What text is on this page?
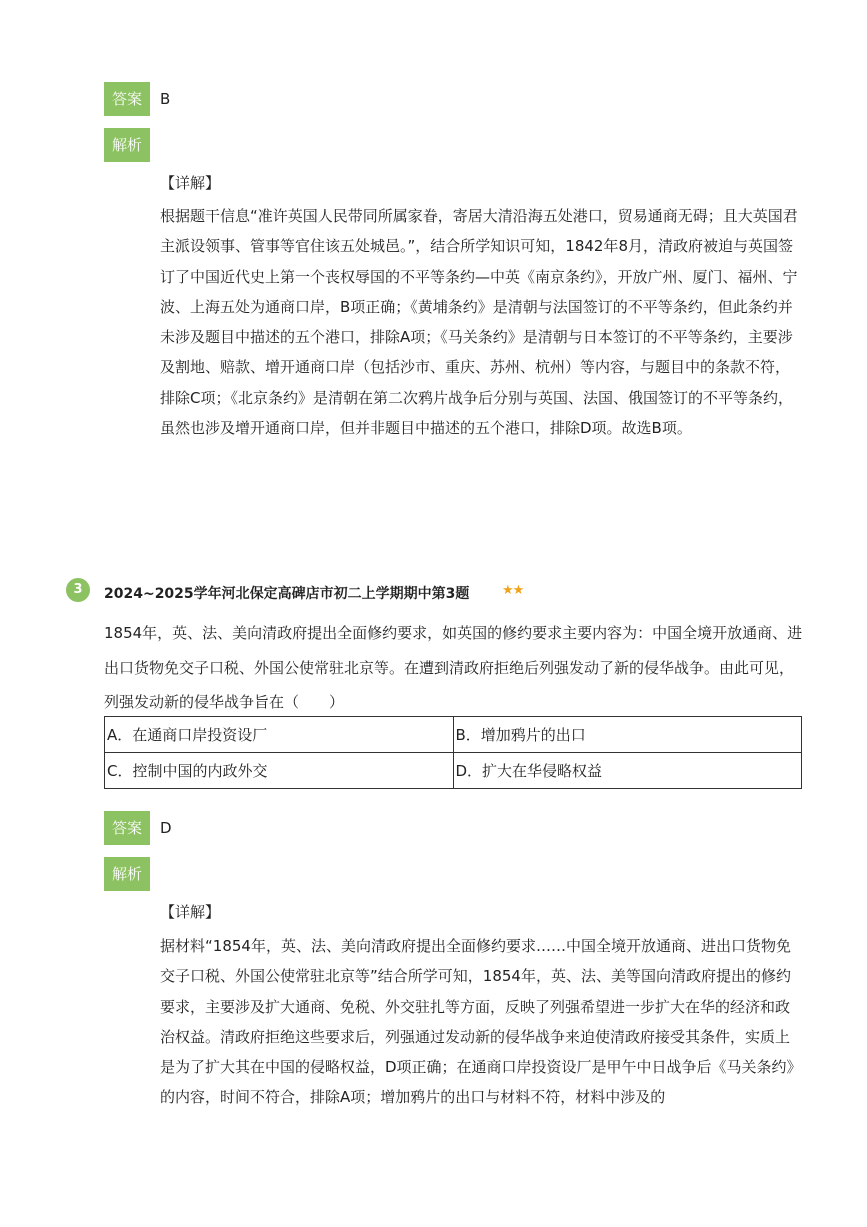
答案	B
解析
【详解】

根据题干信息“准许英国人民带同所属家眷，寄居大清沿海五处港口，贸易通商无碍；且大英国君主派设领事、管事等官住该五处城邑。”，结合所学知识可知，1842年8月，清政府被迫与英国签订了中国近代史上第一个丧权辱国的不平等条约—中英《南京条约》，开放广州、厦门、福州、宁波、上海五处为通商口岸，B项正确；《黄埔条约》是清朝与法国签订的不平等条约，但此条约并未涉及题目中描述的五个港口，排除A项；《马关条约》是清朝与日本签订的不平等条约，主要涉及割地、赔款、增开通商口岸（包括沙市、重庆、苏州、杭州）等内容，与题目中的条款不符，排除C项；《北京条约》是清朝在第二次鸦片战争后分别与英国、法国、俄国签订的不平等条约，虽然也涉及增开通商口岸，但并非题目中描述的五个港口，排除D项。故选B项。

3	2024~2025学年河北保定高碑店市初二上学期期中第3题	★★

1854年，英、法、美向清政府提出全面修约要求，如英国的修约要求主要内容为：中国全境开放通商、进出口货物免交子口税、外国公使常驻北京等。在遭到清政府拒绝后列强发动了新的侵华战争。由此可见，列强发动新的侵华战争旨在（　　）

A．在通商口岸投资设厂	B．增加鸦片的出口
C．控制中国的内政外交	D．扩大在华侵略权益
答案	D
解析
【详解】

据材料“1854年，英、法、美向清政府提出全面修约要求……中国全境开放通商、进出口货物免交子口税、外国公使常驻北京等”结合所学可知，1854年，英、法、美等国向清政府提出的修约要求，主要涉及扩大通商、免税、外交驻扎等方面，反映了列强希望进一步扩大在华的经济和政治权益。清政府拒绝这些要求后，列强通过发动新的侵华战争来迫使清政府接受其条件，实质上是为了扩大其在中国的侵略权益，D项正确；在通商口岸投资设厂是甲午中日战争后《马关条约》的内容，时间不符合，排除A项；增加鸦片的出口与材料不符，材料中涉及的
